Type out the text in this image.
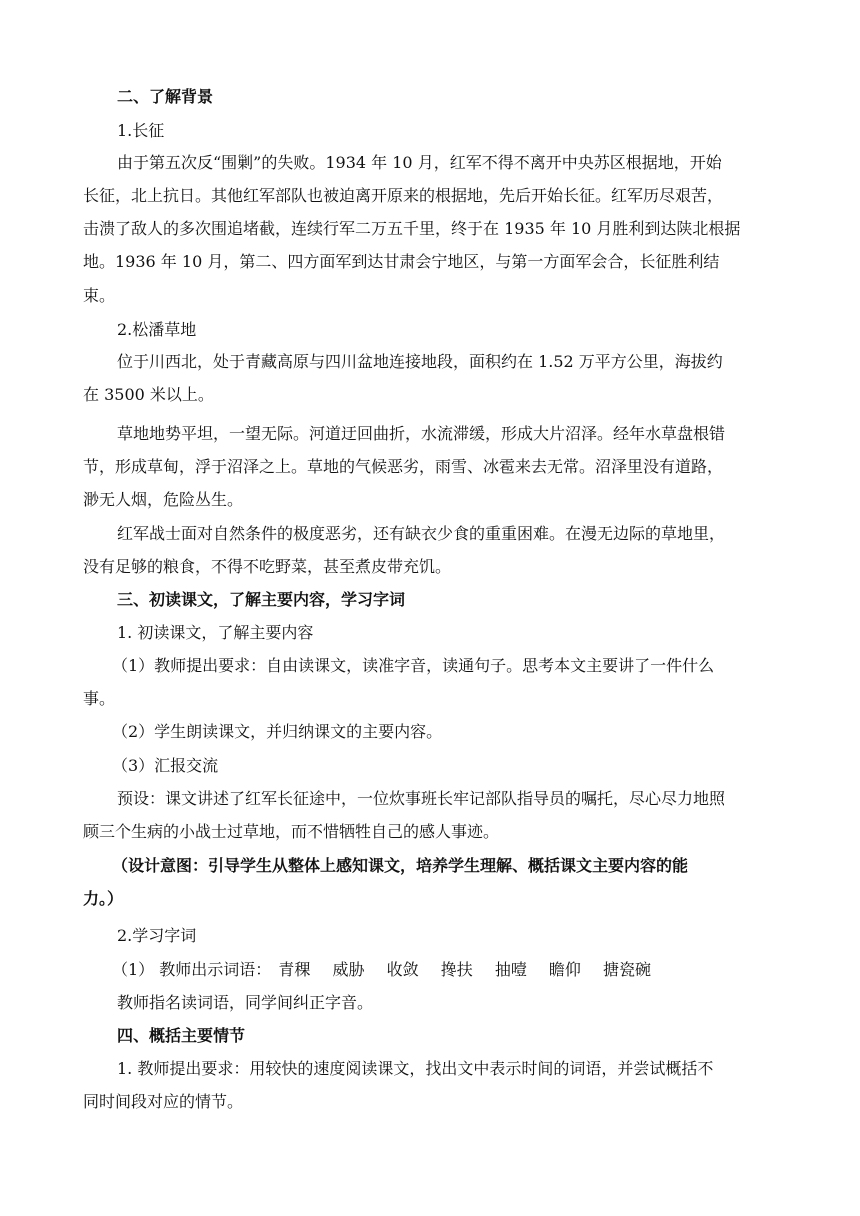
二、了解背景
1.长征
由于第五次反“围剿”的失败。1934 年 10 月，红军不得不离开中央苏区根据地，开始
长征，北上抗日。其他红军部队也被迫离开原来的根据地，先后开始长征。红军历尽艰苦，
击溃了敌人的多次围追堵截，连续行军二万五千里，终于在 1935 年 10 月胜利到达陕北根据
地。1936 年 10 月，第二、四方面军到达甘肃会宁地区，与第一方面军会合，长征胜利结
束。
2.松潘草地
位于川西北，处于青藏高原与四川盆地连接地段，面积约在 1.52 万平方公里，海拔约
在 3500 米以上。
草地地势平坦，一望无际。河道迂回曲折，水流滞缓，形成大片沼泽。经年水草盘根错
节，形成草甸，浮于沼泽之上。草地的气候恶劣，雨雪、冰雹来去无常。沼泽里没有道路，
渺无人烟，危险丛生。
红军战士面对自然条件的极度恶劣，还有缺衣少食的重重困难。在漫无边际的草地里，
没有足够的粮食，不得不吃野菜，甚至煮皮带充饥。
三、初读课文，了解主要内容，学习字词
1. 初读课文，了解主要内容
（1）教师提出要求：自由读课文，读准字音，读通句子。思考本文主要讲了一件什么
事。
（2）学生朗读课文，并归纳课文的主要内容。
（3）汇报交流
预设：课文讲述了红军长征途中，一位炊事班长牢记部队指导员的嘱托，尽心尽力地照
顾三个生病的小战士过草地，而不惜牺牲自己的感人事迹。
（设计意图：引导学生从整体上感知课文，培养学生理解、概括课文主要内容的能
力。）
2.学习字词
（1） 教师出示词语： 青稞 威胁 收敛 搀扶 抽噎 瞻仰 搪瓷碗
教师指名读词语，同学间纠正字音。
四、概括主要情节
1. 教师提出要求：用较快的速度阅读课文，找出文中表示时间的词语，并尝试概括不
同时间段对应的情节。
